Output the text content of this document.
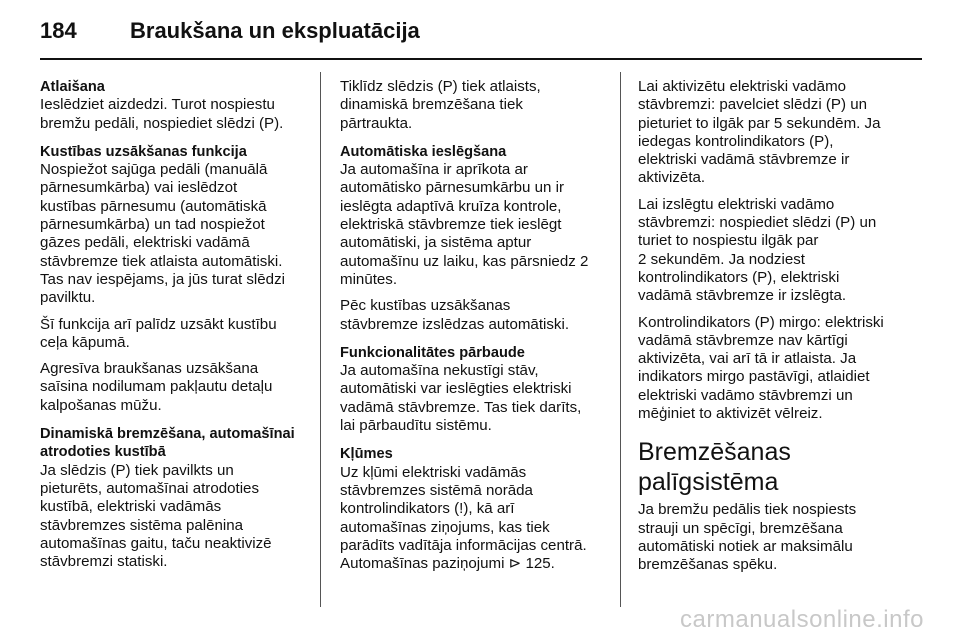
184 Braukšana un ekspluatācija
Atlaišana
Ieslēdziet aizdedzi. Turot nospiestu
bremžu pedāli, nospiediet slēdzi (P).
Kustības uzsākšanas funkcija
Nospiežot sajūga pedāli (manuālā
pārnesumkārba) vai ieslēdzot
kustības pārnesumu (automātiskā
pārnesumkārba) un tad nospiežot
gāzes pedāli, elektriski vadāmā
stāvbremze tiek atlaista automātiski.
Tas nav iespējams, ja jūs turat slēdzi
pavilktu.
Šī funkcija arī palīdz uzsākt kustību
ceļa kāpumā.
Agresīva braukšanas uzsākšana
saīsina nodilumam pakļautu detaļu
kalpošanas mūžu.
Dinamiskā bremzēšana, automašīnai
atrodoties kustībā
Ja slēdzis (P) tiek pavilkts un
pieturēts, automašīnai atrodoties
kustībā, elektriski vadāmās
stāvbremzes sistēma palēnina
automašīnas gaitu, taču neaktivizē
stāvbremzi statiski.
Tiklīdz slēdzis (P) tiek atlaists,
dinamiskā bremzēšana tiek
pārtraukta.
Automātiska ieslēgšana
Ja automašīna ir aprīkota ar
automātisko pārnesumkārbu un ir
ieslēgta adaptīvā kruīza kontrole,
elektriskā stāvbremze tiek ieslēgt
automātiski, ja sistēma aptur
automašīnu uz laiku, kas pārsniedz 2
minūtes.
Pēc kustības uzsākšanas
stāvbremze izslēdzas automātiski.
Funkcionalitātes pārbaude
Ja automašīna nekustīgi stāv,
automātiski var ieslēgties elektriski
vadāmā stāvbremze. Tas tiek darīts,
lai pārbaudītu sistēmu.
Kļūmes
Uz kļūmi elektriski vadāmās
stāvbremzes sistēmā norāda
kontrolindikators (!), kā arī
automašīnas ziņojums, kas tiek
parādīts vadītāja informācijas centrā.
Automašīnas paziņojumi ⊳ 125.
Lai aktivizētu elektriski vadāmo
stāvbremzi: pavelciet slēdzi (P) un
pieturiet to ilgāk par 5 sekundēm. Ja
iedegas kontrolindikators (P),
elektriski vadāmā stāvbremze ir
aktivizēta.
Lai izslēgtu elektriski vadāmo
stāvbremzi: nospiediet slēdzi (P) un
turiet to nospiestu ilgāk par
2 sekundēm. Ja nodziest
kontrolindikators (P), elektriski
vadāmā stāvbremze ir izslēgta.
Kontrolindikators (P) mirgo: elektriski
vadāmā stāvbremze nav kārtīgi
aktivizēta, vai arī tā ir atlaista. Ja
indikators mirgo pastāvīgi, atlaidiet
elektriski vadāmo stāvbremzi un
mēģiniet to aktivizēt vēlreiz.
Bremzēšanas
palīgsistēma
Ja bremžu pedālis tiek nospiests
strauji un spēcīgi, bremzēšana
automātiski notiek ar maksimālu
bremzēšanas spēku.
carmanualsonline.info
